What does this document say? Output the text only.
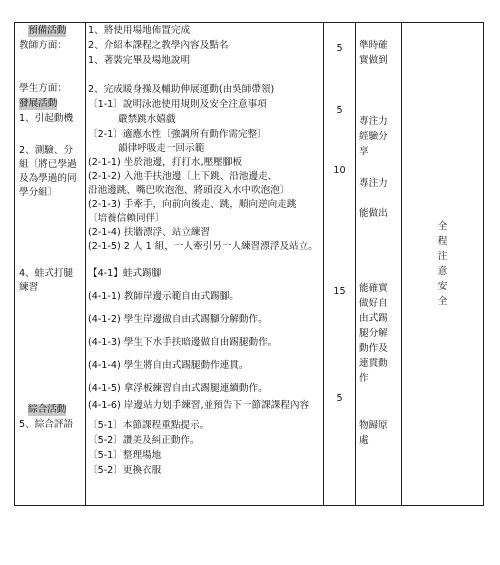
預備活動
教師方面：
學生方面：
發展活動
1、引起動機
2、測驗、分
組〔將已學過
及為學過的同
學分組〕
4、蛙式打腿
練習
綜合活動
5、綜合評語
1、將使用場地佈置完成
2、介紹本課程之教學內容及點名
1、著裝完畢及場地說明
2、完成暖身操及輔助伸展運動(由吳師帶領)
〔1-1〕說明泳池使用規則及安全注意事項
嚴禁跳水嬉戲
〔2-1〕適應水性〔強調所有動作需完整〕
韻律呼吸走一回示範
(2-1-1) 坐於池邊，打打水,壓壓腳板
(2-1-2) 入池手扶池邊〔上下跳、沿池邊走、
沿池邊跳、嘴巴吹泡泡、將頭沒入水中吹泡泡〕
(2-1-3) 手牽手，向前向後走、跳，順向逆向走跳
〔培養信賴同伴〕
(2-1-4) 扶牆漂浮、站立練習
(2-1-5) 2 人 1 組，一人牽引另一人練習漂浮及站立。
【4-1】蛙式踢腳
(4-1-1) 教師岸邊示範自由式踢腳。
(4-1-2) 學生岸邊做自由式踢腳分解動作。
(4-1-3) 學生下水手扶暗邊做自由踢腿動作。
(4-1-4) 學生將自由式踢腿動作連貫。
(4-1-5) 拿浮板練習自由式踢腿連續動作。
(4-1-6) 岸邊站力划手練習,並預告下一節課課程內容
〔5-1〕本節課程重點提示。
〔5-2〕讚美及糾正動作。
〔5-1〕整理場地
〔5-2〕更換衣服
5
5
10
15
5
準時確
實做到
專注力
經驗分
享
專注力
能做出
能確實
做好自
由式踢
腿分解
動作及
連貫動
作
物歸原
處
全
程
注
意
安
全
